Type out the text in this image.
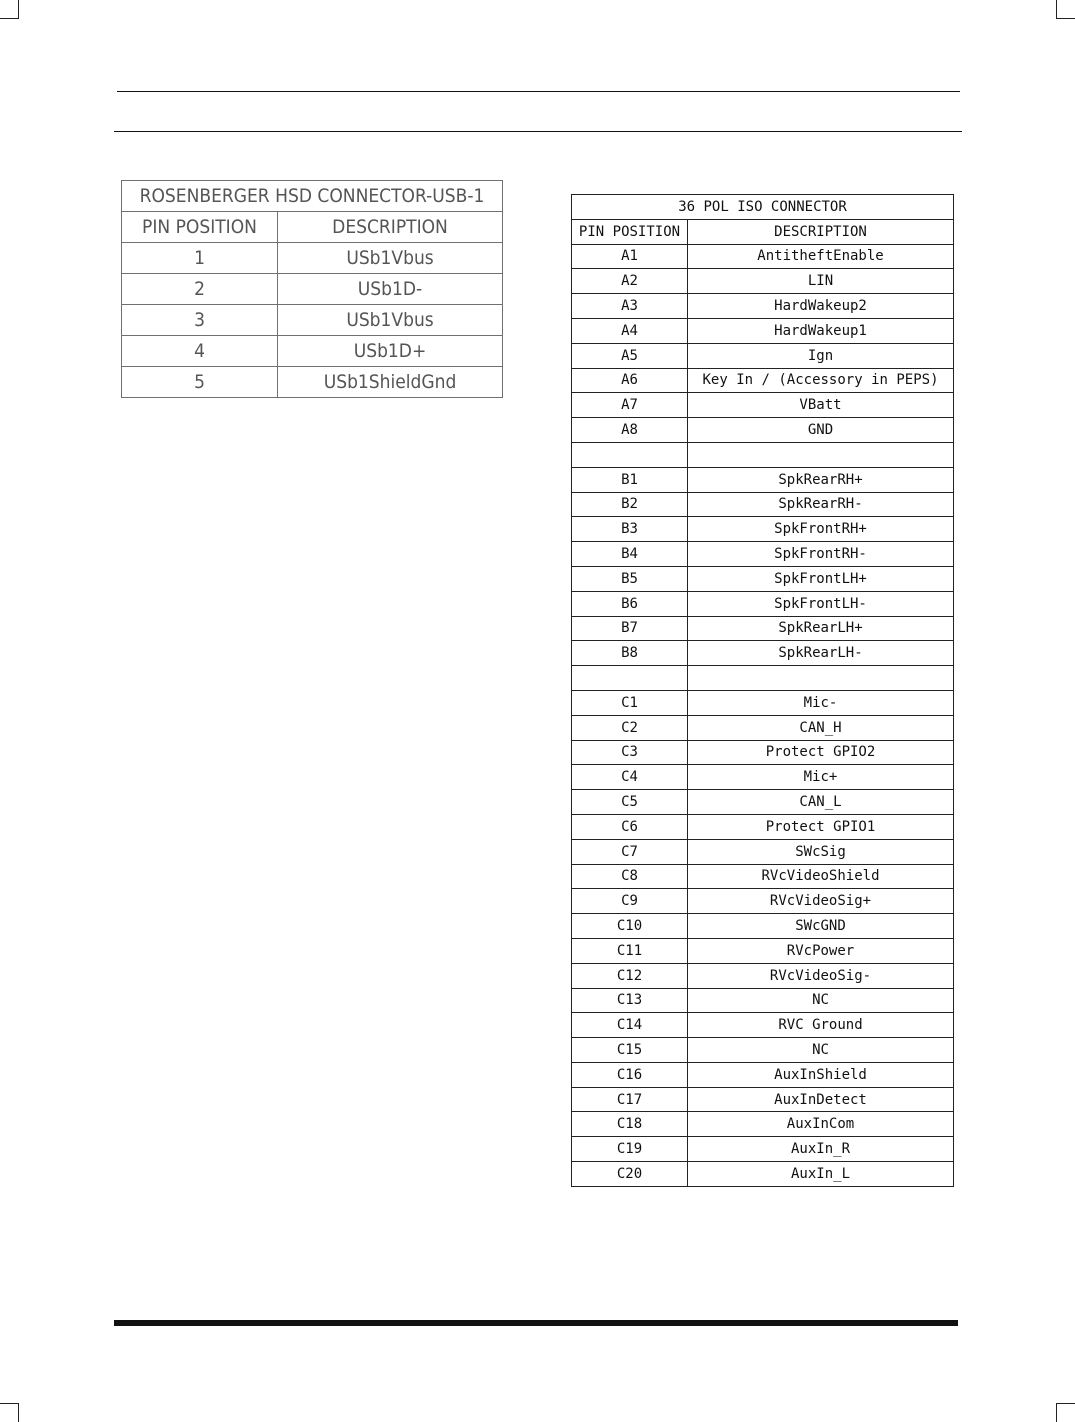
ROSENBERGER HSD CONNECTOR-USB-1	
PIN POSITION	DESCRIPTION
1	USb1Vbus
2	USb1D-
3	USb1Vbus
4	USb1D+
5	USb1ShieldGnd
36 POL ISO CONNECTOR	
PIN POSITION	DESCRIPTION
A1	AntitheftEnable
A2	LIN
A3	HardWakeup2
A4	HardWakeup1
A5	Ign
A6	Key In / (Accessory in PEPS)
A7	VBatt
A8	GND

B1	SpkRearRH+
B2	SpkRearRH-
B3	SpkFrontRH+
B4	SpkFrontRH-
B5	SpkFrontLH+
B6	SpkFrontLH-
B7	SpkRearLH+
B8	SpkRearLH-

C1	Mic-
C2	CAN_H
C3	Protect GPIO2
C4	Mic+
C5	CAN_L
C6	Protect GPIO1
C7	SWcSig
C8	RVcVideoShield
C9	RVcVideoSig+
C10	SWcGND
C11	RVcPower
C12	RVcVideoSig-
C13	NC
C14	RVC Ground
C15	NC
C16	AuxInShield
C17	AuxInDetect
C18	AuxInCom
C19	AuxIn_R
C20	AuxIn_L
